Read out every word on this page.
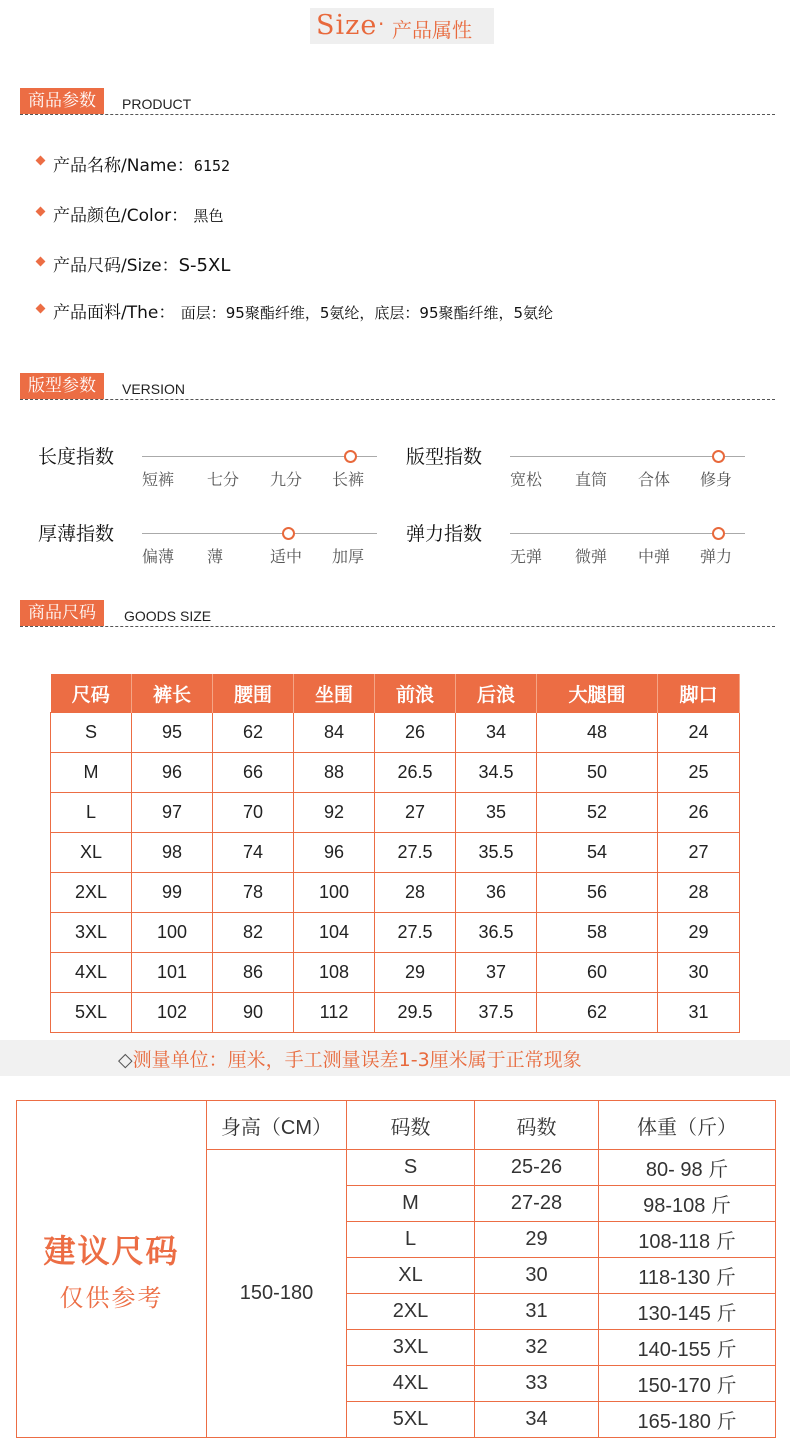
Size · 产品属性
商品参数	PRODUCT
产品名称/Name：6152
产品颜色/Color： 黑色
产品尺码/Size：S-5XL
产品面料/The： 面层：95聚酯纤维，5氨纶，底层：95聚酯纤维，5氨纶
版型参数	VERSION
长度指数
短裤 七分 九分 长裤
版型指数
宽松 直筒 合体 修身
厚薄指数
偏薄 薄	适中 加厚
弹力指数
无弹 微弹 中弹 弹力
商品尺码	GOODS SIZE
尺码	裤长	腰围	坐围	前浪	后浪	大腿围	脚口
S	95	62	84	26	34	48	24
M	96	66	88	26.5	34.5	50	25
L	97	70	92	27	35	52	26
XL	98	74	96	27.5	35.5	54	27
2XL	99	78	100	28	36	56	28
3XL	100	82	104	27.5	36.5	58	29
4XL	101	86	108	29	37	60	30
5XL	102	90	112	29.5	37.5	62	31
◇测量单位：厘米，手工测量误差1-3厘米属于正常现象
建议尺码
仅供参考	身高（CM）	码数	码数	体重（斤）
	150-180	S	25-26	80- 98 斤
		M	27-28	98-108 斤
		L	29	108-118 斤
		XL	30	118-130 斤
		2XL	31	130-145 斤
		3XL	32	140-155 斤
		4XL	33	150-170 斤
		5XL	34	165-180 斤
